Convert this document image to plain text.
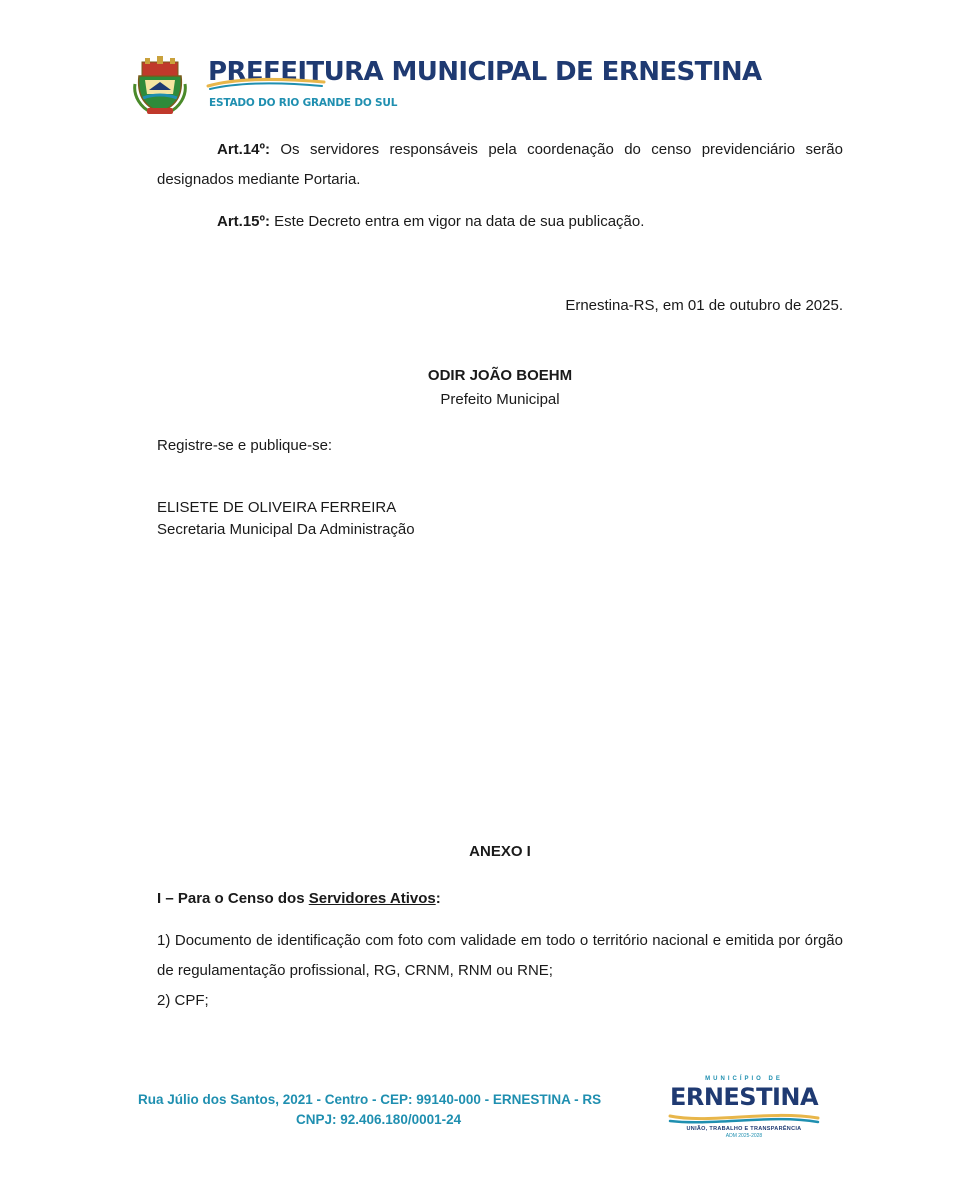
PREFEITURA MUNICIPAL DE ERNESTINA
ESTADO DO RIO GRANDE DO SUL
Art.14º: Os servidores responsáveis pela coordenação do censo previdenciário serão designados mediante Portaria.
Art.15º: Este Decreto entra em vigor na data de sua publicação.
Ernestina-RS, em 01 de outubro de 2025.
ODIR JOÃO BOEHM
Prefeito Municipal
Registre-se e publique-se:
ELISETE DE OLIVEIRA FERREIRA
Secretaria Municipal Da Administração
ANEXO I
I – Para o Censo dos Servidores Ativos:
1) Documento de identificação com foto com validade em todo o território nacional e emitida por órgão de regulamentação profissional, RG, CRNM, RNM ou RNE;
2) CPF;
Rua Júlio dos Santos, 2021 - Centro - CEP: 99140-000 - ERNESTINA - RS
CNPJ: 92.406.180/0001-24
MUNICÍPIO DE
ERNESTINA
UNIÃO, TRABALHO E TRANSPARÊNCIA
ADM 2025-2028
